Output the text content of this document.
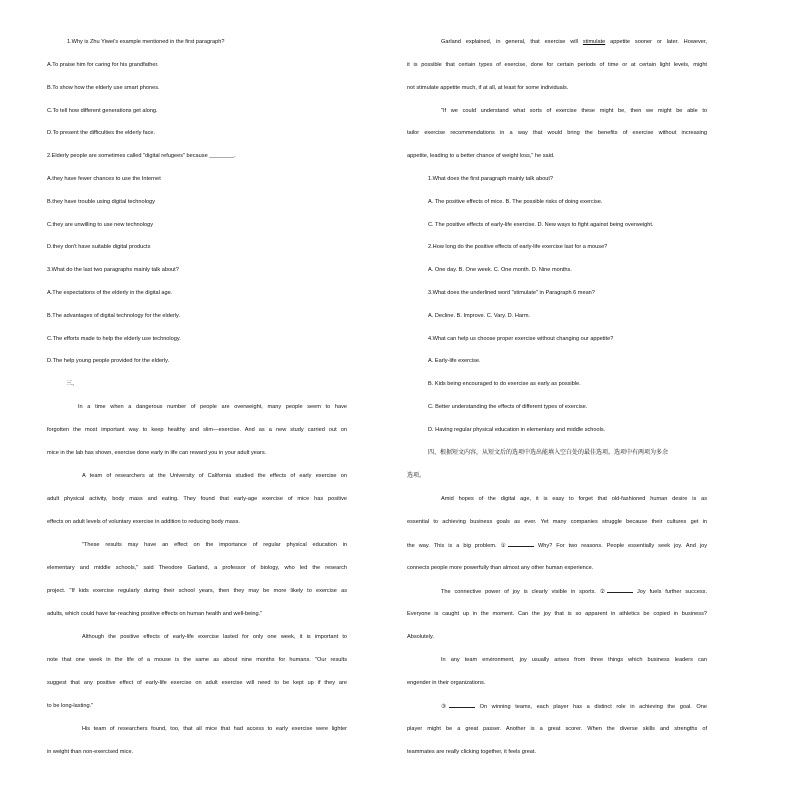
1.Why is Zhu Yiwei's example mentioned in the first paragraph?
A.To praise him for caring for his grandfather.
B.To show how the elderly use smart phones.
C.To tell how different generations get along.
D.To present the difficulties the elderly face.
2.Elderly people are sometimes called "digital refugees" because ________.
A.they have fewer chances to use the Internet
B.they have trouble using digital technology
C.they are unwilling to use new technology
D.they don't have suitable digital products
3.What do the last two paragraphs mainly talk about?
A.The expectations of the elderly in the digital age.
B.The advantages of digital technology for the elderly.
C.The efforts made to help the elderly use technology.
D.The help young people provided for the elderly.
三、
In a time when a dangerous number of people are overweight, many people seem to have
forgotten the most important way to keep healthy and slim—exercise. And as a new study carried out on
mice in the lab has shown, exercise done early in life can reward you in your adult years.
A team of researchers at the University of California studied the effects of early exercise on
adult physical activity, body mass and eating. They found that early-age exercise of mice has positive
effects on adult levels of voluntary exercise in addition to reducing body mass.
"These results may have an effect on the importance of regular physical education in
elementary and middle schools," said Theodore Garland, a professor of biology, who led the research
project. "If kids exercise regularly during their school years, then they may be more likely to exercise as
adults, which could have far-reaching positive effects on human health and well-being."
Although the positive effects of early-life exercise lasted for only one week, it is important to
note that one week in the life of a mouse is the same as about nine months for humans. "Our results
suggest that any positive effect of early-life exercise on adult exercise will need to be kept up if they are
to be long-lasting."
His team of researchers found, too, that all mice that had access to early exercise were lighter
in weight than non-exercised mice.
Garland explained, in general, that exercise will stimulate appetite sooner or later. However,
it is possible that certain types of exercise, done for certain periods of time or at certain light levels, might
not stimulate appetite much, if at all, at least for some individuals.
"If we could understand what sorts of exercise these might be, then we might be able to
tailor exercise recommendations in a way that would bring the benefits of exercise without increasing
appetite, leading to a better chance of weight loss," he said.
1.What does the first paragraph mainly talk about?
A. The positive effects of mice. B. The possible risks of doing exercise.
C. The positive effects of early-life exercise. D. New ways to fight against being overweight.
2.How long do the positive effects of early-life exercise last for a mouse?
A. One day. B. One week. C. One month. D. Nine months.
3.What does the underlined word "stimulate" in Paragraph 6 mean?
A. Decline. B. Improve. C. Vary. D. Harm.
4.What can help us choose proper exercise without changing our appetite?
A. Early-life exercise.
B. Kids being encouraged to do exercise as early as possible.
C. Better understanding the effects of different types of exercise.
D. Having regular physical education in elementary and middle schools.
四、根据短文内容，从短文后的选项中选出能填入空白处的最佳选项。选项中有两项为多余
选项。
Amid hopes of the digital age, it is easy to forget that old-fashioned human desire is as
essential to achieving business goals as ever. Yet many companies struggle because their cultures get in
the way. This is a big problem. ①	Why? For two reasons. People essentially seek joy. And joy
connects people more powerfully than almost any other human experience.
The connective power of joy is clearly visible in sports. ②	Joy fuels further success.
Everyone is caught up in the moment. Can the joy that is so apparent in athletics be copied in business?
Absolutely.
In any team environment, joy usually arises from three things which business leaders can
engender in their organizations.
③	On winning teams, each player has a distinct role in achieving the goal. One
player might be a great passer. Another is a great scorer. When the diverse skills and strengths of
teammates are really clicking together, it feels great.
